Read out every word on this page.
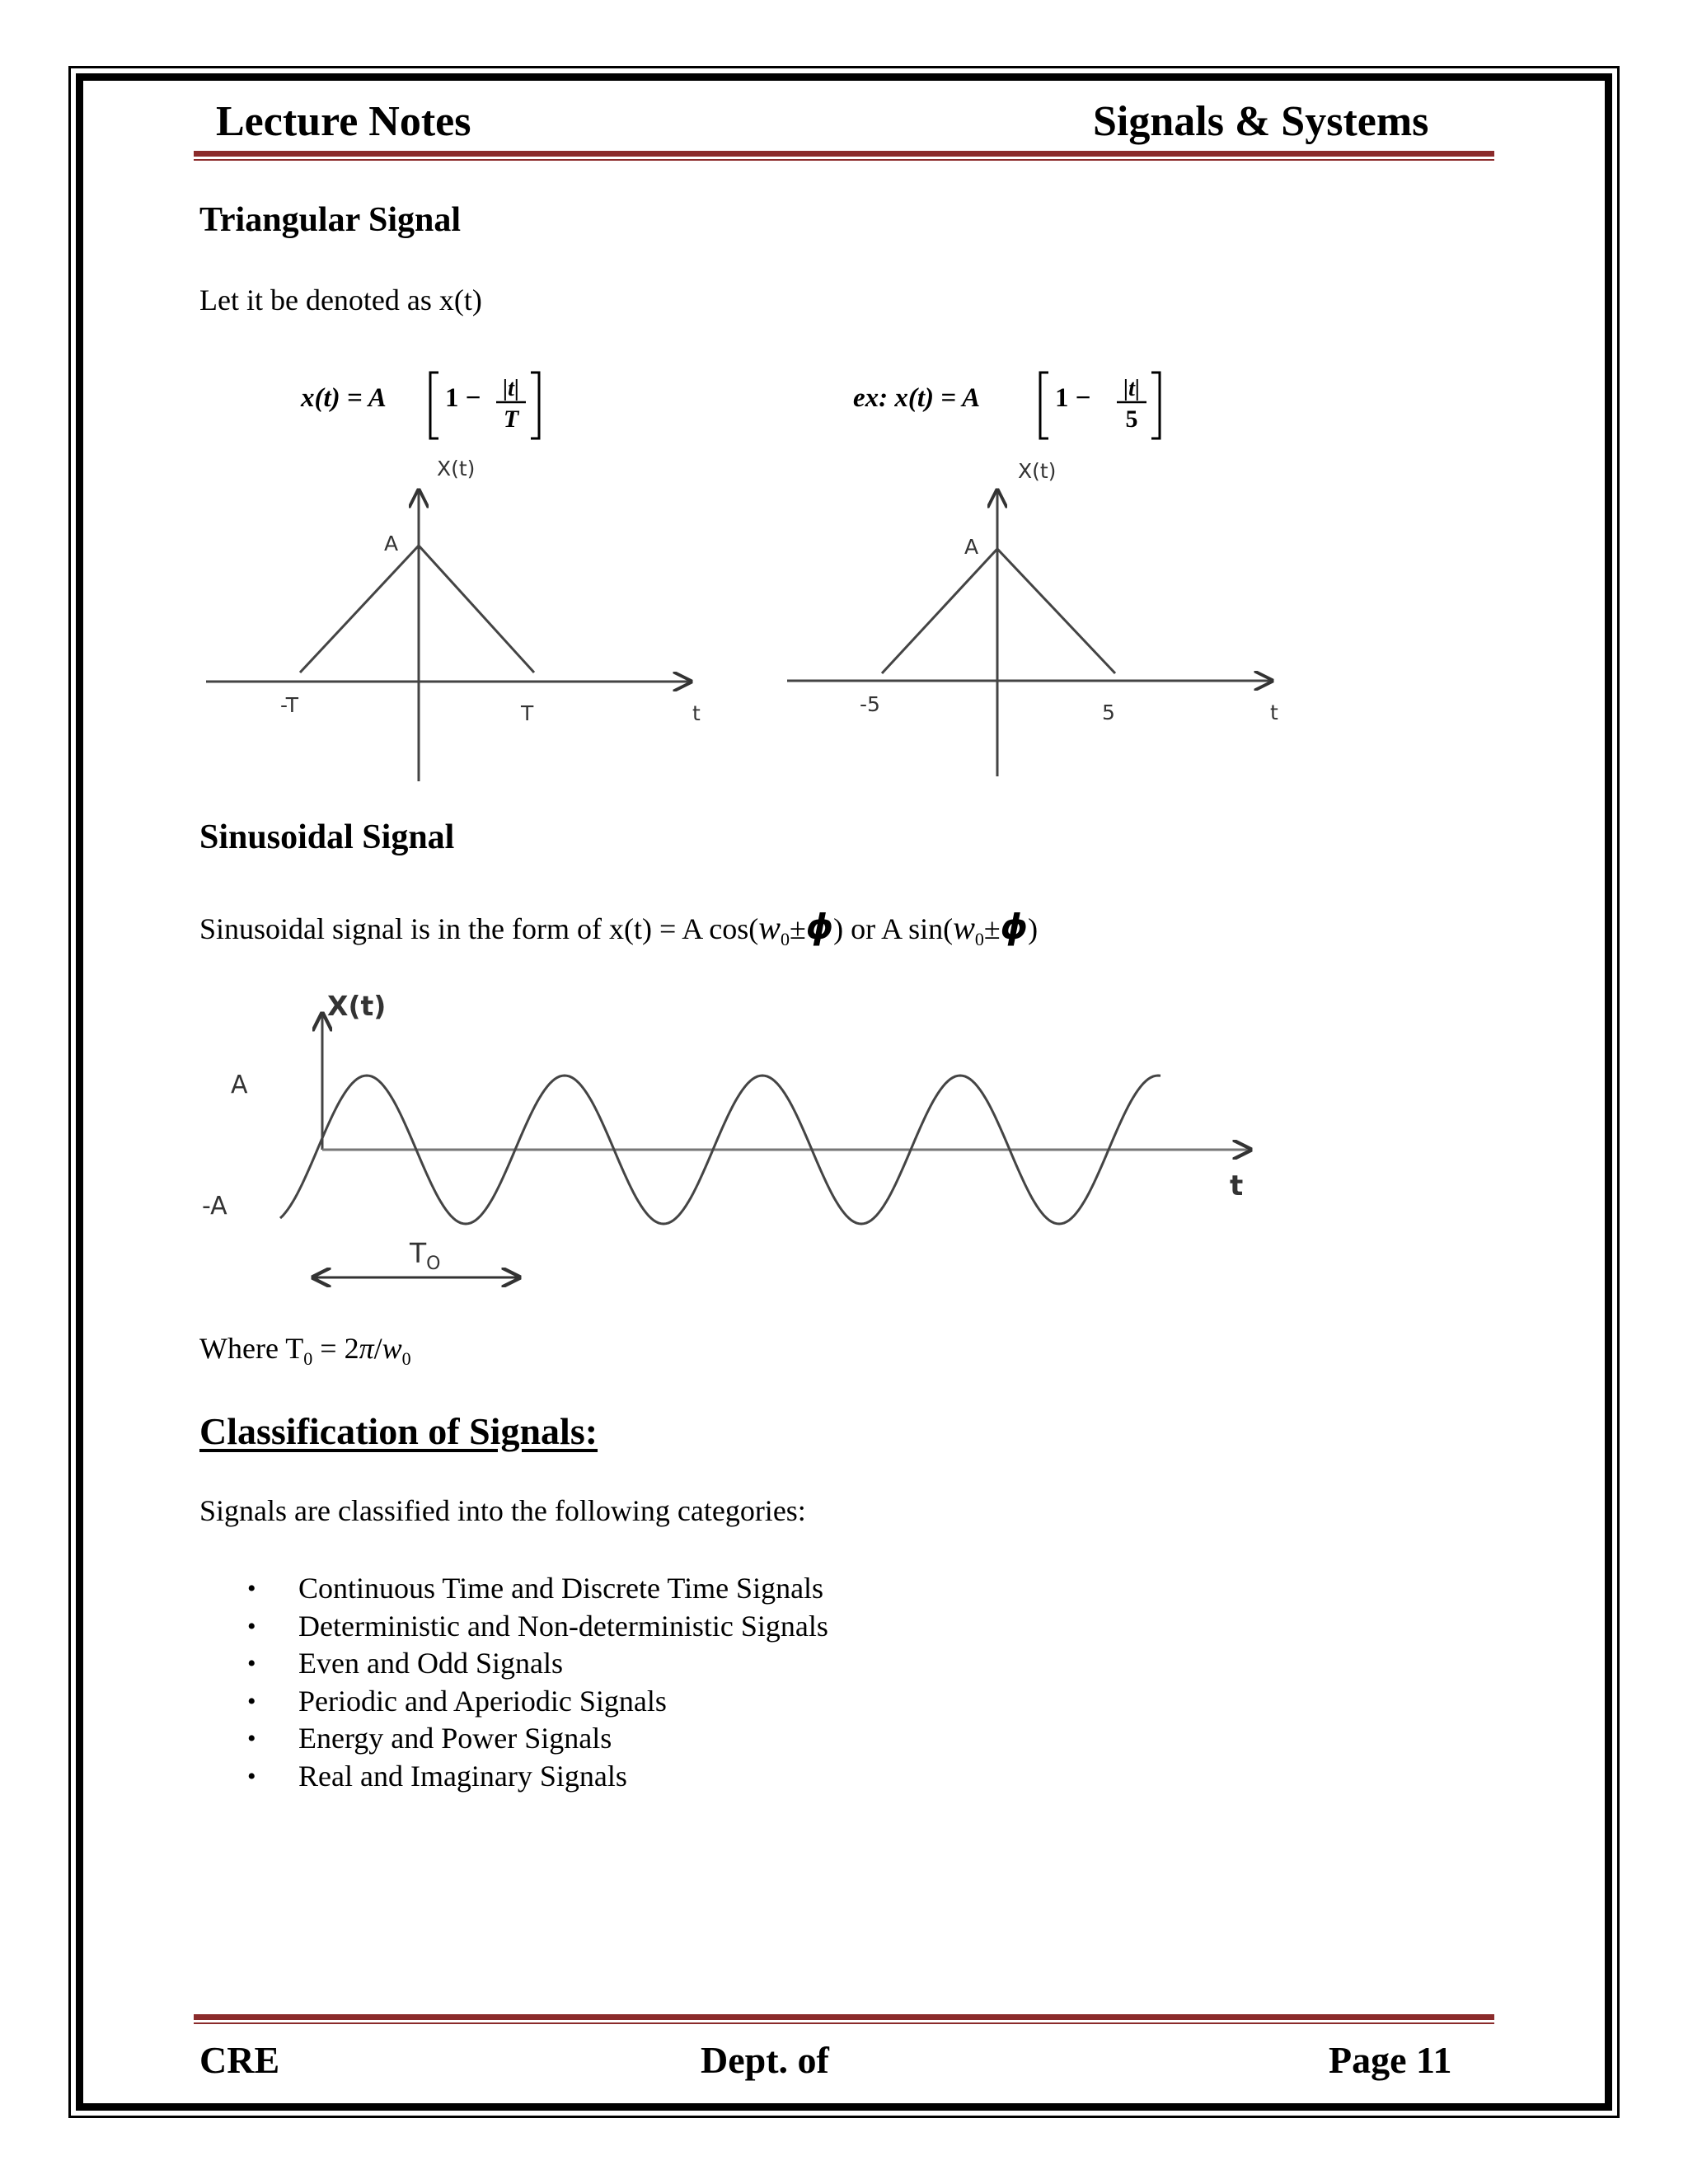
Lecture Notes	Signals & Systems
Triangular Signal
Let it be denoted as x(t)
x(t) = A 1 − |t|
T
X(t)
A
-T	T	t
ex: x(t) = A	1 − |t|
5
X(t)
A
-5	5	t
Sinusoidal Signal
Sinusoidal signal is in the form of x(t) = A $\cos(w_0\pm\phi)$ or A $\sin(w_0\pm\phi)$
X(t)
A
-A
t
$T_O$
Where $T_0 = 2\pi/w_0$
Classification of Signals:
Signals are classified into the following categories:
• Continuous Time and Discrete Time Signals
• Deterministic and Non-deterministic Signals
• Even and Odd Signals
• Periodic and Aperiodic Signals
• Energy and Power Signals
• Real and Imaginary Signals
CRE	Dept. of	Page 11
